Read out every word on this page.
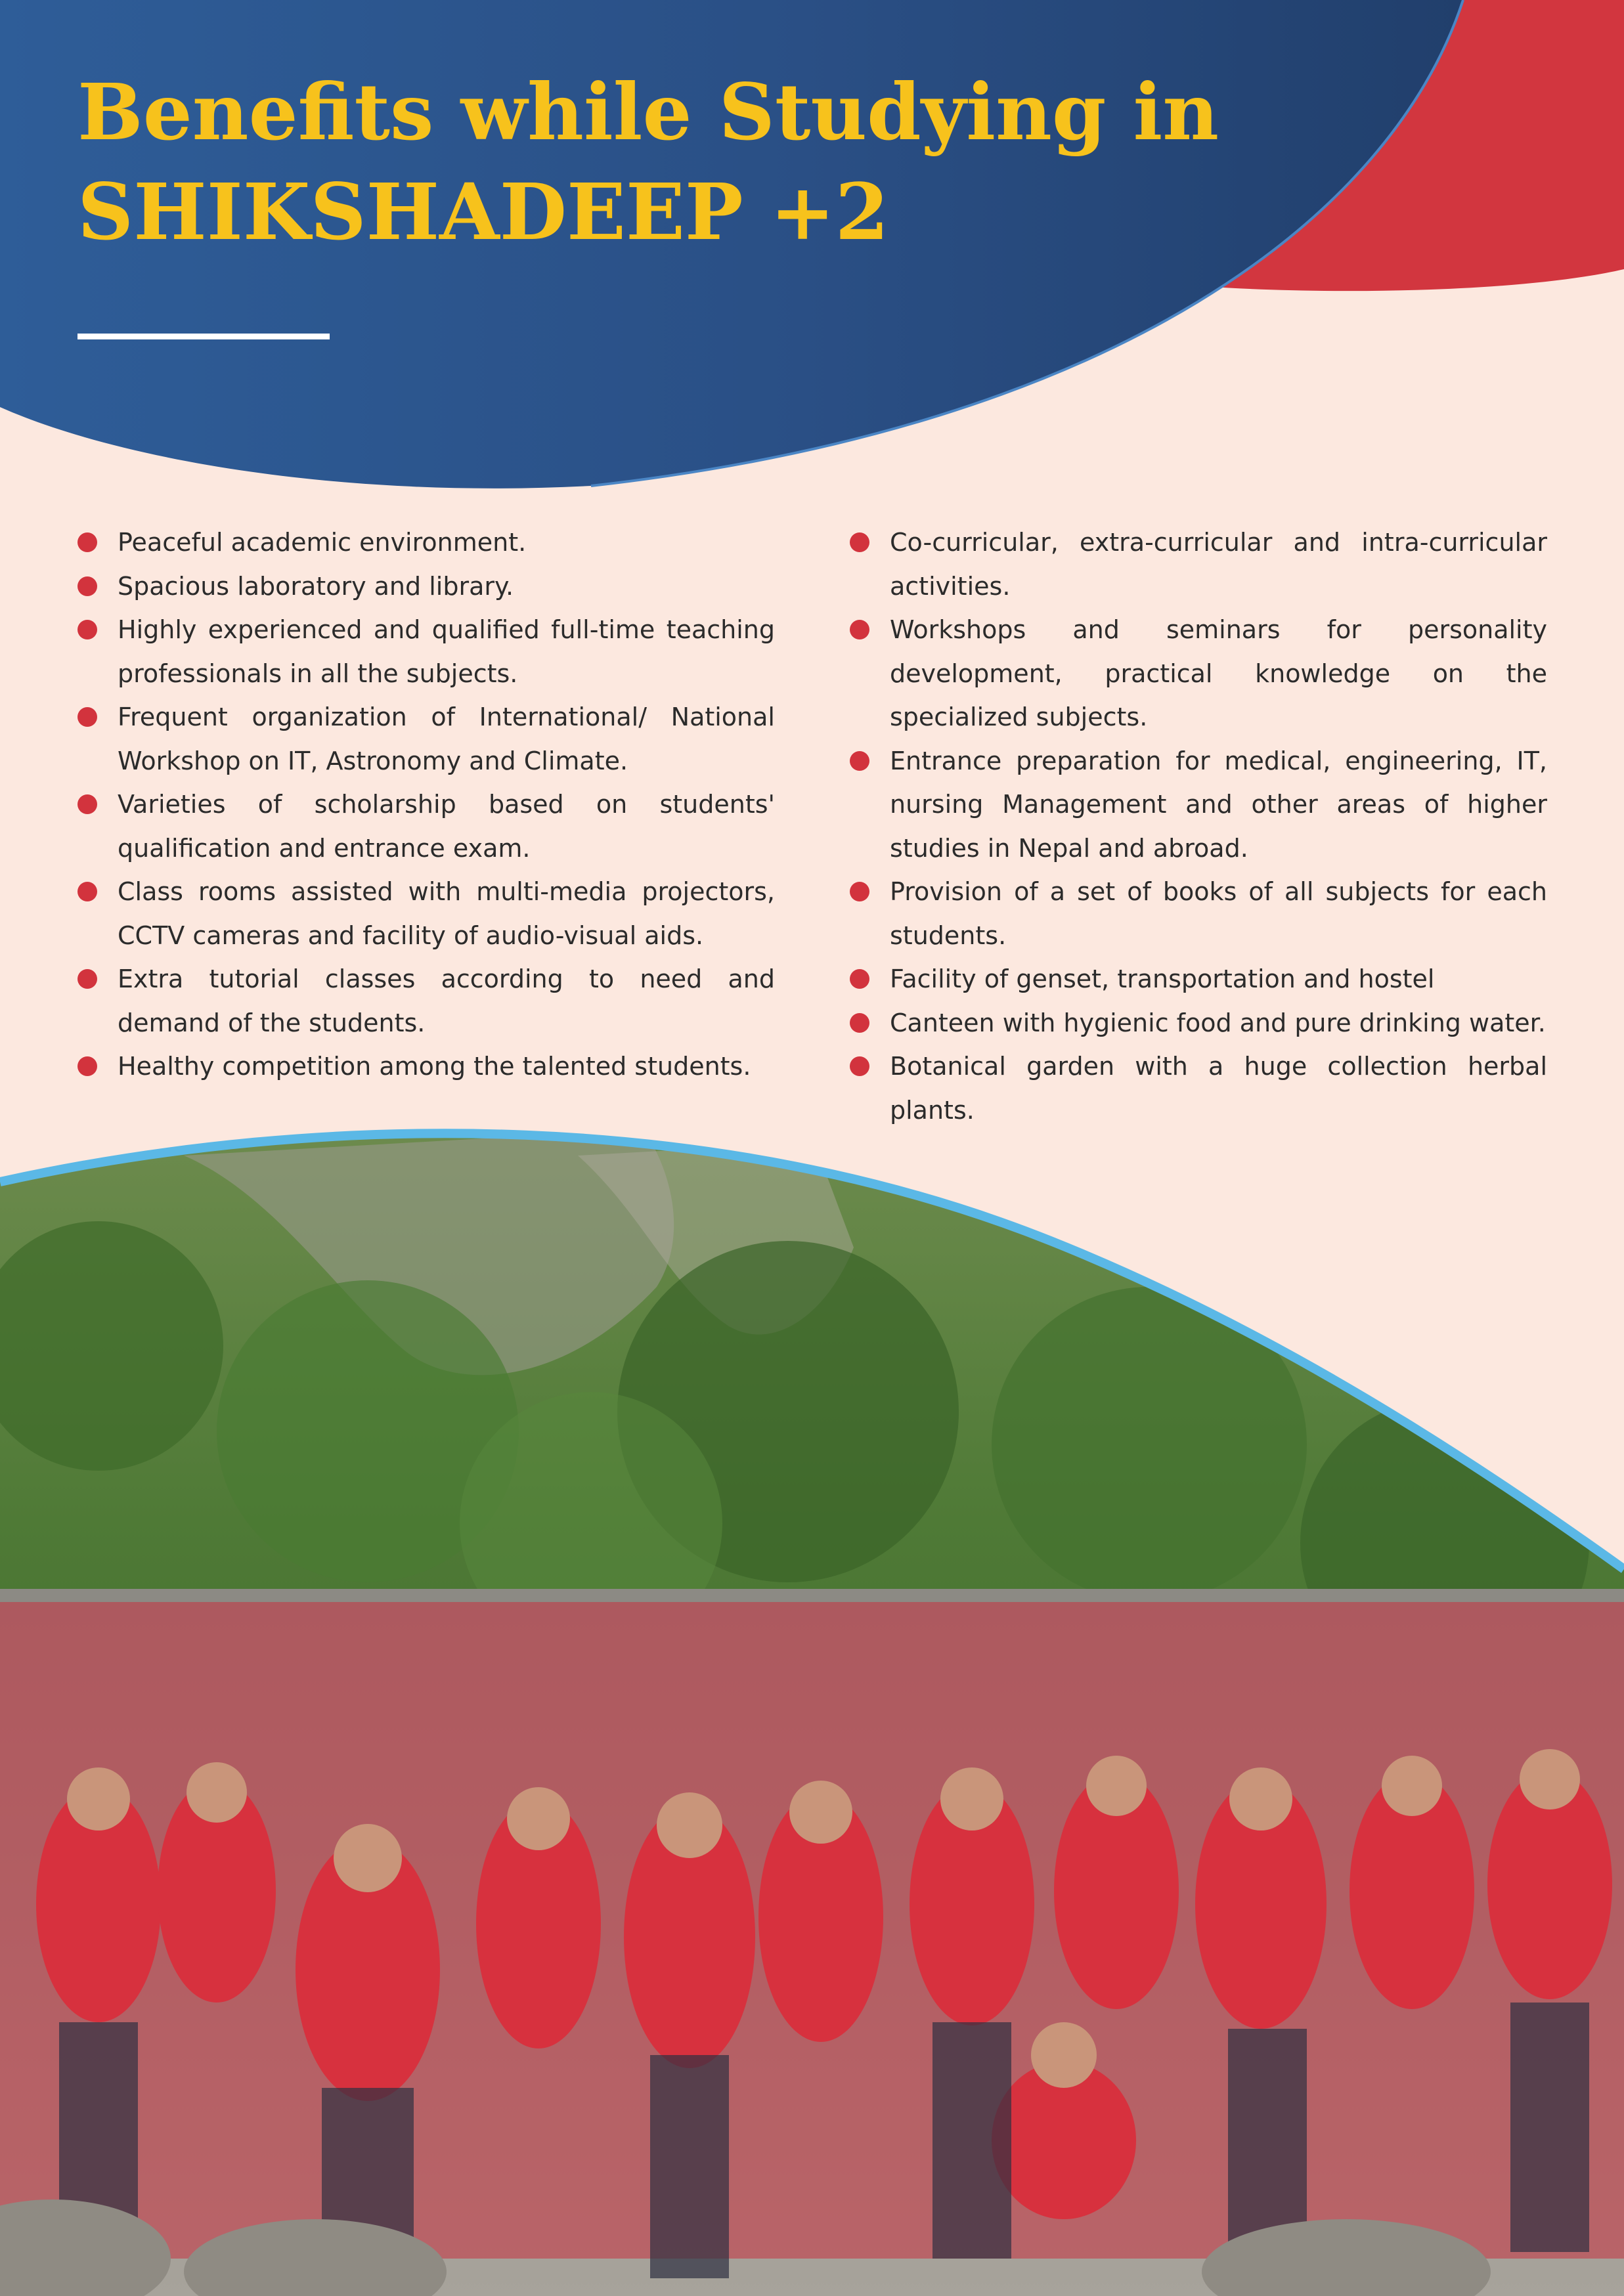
Benefits while Studying in
SHIKSHADEEP +2
Peaceful academic environment.
Spacious laboratory and library.
Highly experienced and qualified full-time teaching professionals in all the subjects.
Frequent organization of International/ National Workshop on IT, Astronomy and Climate.
Varieties of scholarship based on students' qualification and entrance exam.
Class rooms assisted with multi-media projectors, CCTV cameras and facility of audio-visual aids.
Extra tutorial classes according to need and demand of the students.
Healthy competition among the talented students.
Co-curricular, extra-curricular and intra-curricular activities.
Workshops and seminars for personality development, practical knowledge on the specialized subjects.
Entrance preparation for medical, engineering, IT, nursing Management and other areas of higher studies in Nepal and abroad.
Provision of a set of books of all subjects for each students.
Facility of genset, transportation and hostel
Canteen with hygienic food and pure drinking water.
Botanical garden with a huge collection herbal plants.
